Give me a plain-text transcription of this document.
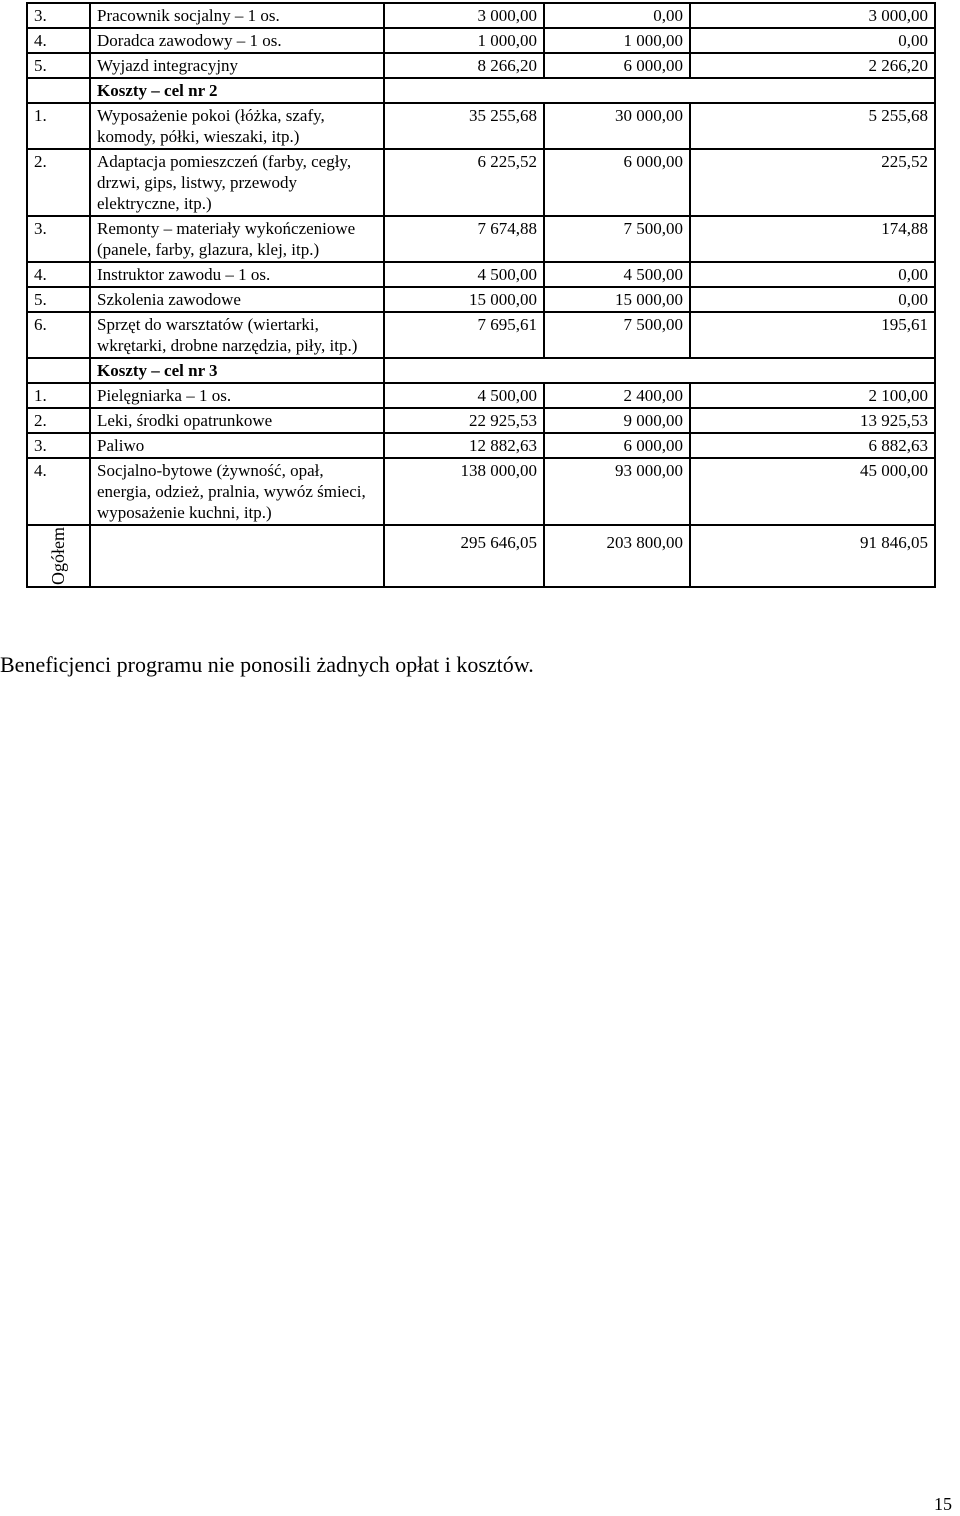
3.	Pracownik socjalny – 1 os.	3 000,00	0,00	3 000,00
4.	Doradca zawodowy – 1 os.	1 000,00	1 000,00	0,00
5.	Wyjazd integracyjny	8 266,20	6 000,00	2 266,20
	Koszty – cel nr 2			
1.	Wyposażenie pokoi (łóżka, szafy, komody, półki, wieszaki, itp.)	35 255,68	30 000,00	5 255,68
2.	Adaptacja pomieszczeń (farby, cegły, drzwi, gips, listwy, przewody elektryczne, itp.)	6 225,52	6 000,00	225,52
3.	Remonty – materiały wykończeniowe (panele, farby, glazura, klej, itp.)	7 674,88	7 500,00	174,88
4.	Instruktor zawodu – 1 os.	4 500,00	4 500,00	0,00
5.	Szkolenia zawodowe	15 000,00	15 000,00	0,00
6.	Sprzęt do warsztatów (wiertarki, wkrętarki, drobne narzędzia, piły, itp.)	7 695,61	7 500,00	195,61
	Koszty – cel nr 3			
1.	Pielęgniarka – 1 os.	4 500,00	2 400,00	2 100,00
2.	Leki, środki opatrunkowe	22 925,53	9 000,00	13 925,53
3.	Paliwo	12 882,63	6 000,00	6 882,63
4.	Socjalno-bytowe (żywność, opał, energia, odzież, pralnia, wywóz śmieci, wyposażenie kuchni, itp.)	138 000,00	93 000,00	45 000,00

Ogółem		295 646,05	203 800,00	91 846,05
Beneficjenci programu nie ponosili żadnych opłat i kosztów.
15
